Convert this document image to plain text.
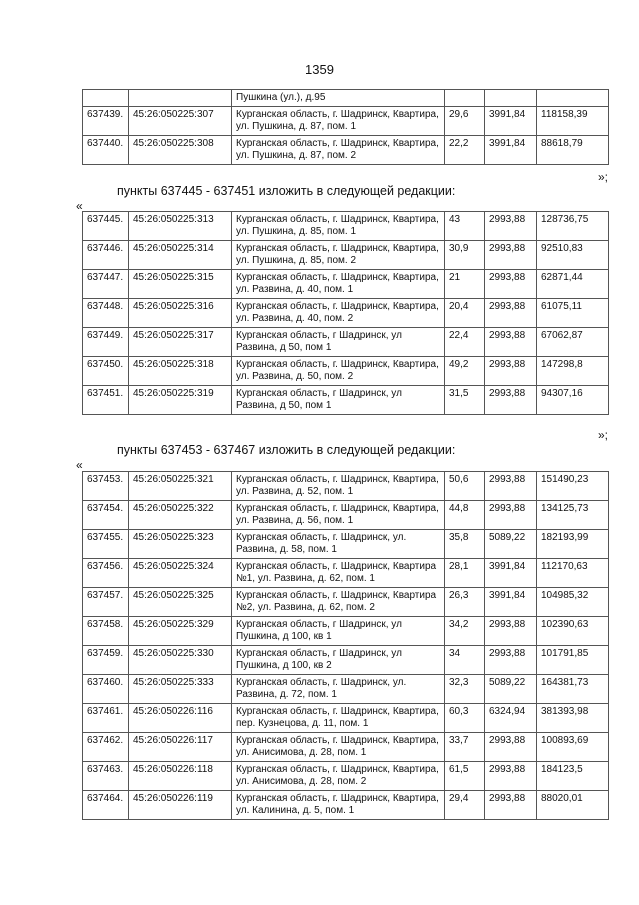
1359
		Пушкина (ул.), д.95			
637439.	45:26:050225:307	Курганская область, г. Шадринск, Квартира, ул. Пушкина, д. 87, пом. 1	29,6	3991,84	118158,39
637440.	45:26:050225:308	Курганская область, г. Шадринск, Квартира, ул. Пушкина, д. 87, пом. 2	22,2	3991,84	88618,79
»;
пункты 637445 - 637451 изложить в следующей редакции:
«
637445.	45:26:050225:313	Курганская область, г. Шадринск, Квартира, ул. Пушкина, д. 85, пом. 1	43	2993,88	128736,75
637446.	45:26:050225:314	Курганская область, г. Шадринск, Квартира, ул. Пушкина, д. 85, пом. 2	30,9	2993,88	92510,83
637447.	45:26:050225:315	Курганская область, г. Шадринск, Квартира, ул. Развина, д. 40, пом. 1	21	2993,88	62871,44
637448.	45:26:050225:316	Курганская область, г. Шадринск, Квартира, ул. Развина, д. 40, пом. 2	20,4	2993,88	61075,11
637449.	45:26:050225:317	Курганская область, г Шадринск, ул Развина, д 50, пом 1	22,4	2993,88	67062,87
637450.	45:26:050225:318	Курганская область, г. Шадринск, Квартира, ул. Развина, д. 50, пом. 2	49,2	2993,88	147298,8
637451.	45:26:050225:319	Курганская область, г Шадринск, ул Развина, д 50, пом 1	31,5	2993,88	94307,16
»;
пункты 637453 - 637467 изложить в следующей редакции:
«
637453.	45:26:050225:321	Курганская область, г. Шадринск, Квартира, ул. Развина, д. 52, пом. 1	50,6	2993,88	151490,23
637454.	45:26:050225:322	Курганская область, г. Шадринск, Квартира, ул. Развина, д. 56, пом. 1	44,8	2993,88	134125,73
637455.	45:26:050225:323	Курганская область, г. Шадринск, ул. Развина, д. 58, пом. 1	35,8	5089,22	182193,99
637456.	45:26:050225:324	Курганская область, г. Шадринск, Квартира №1, ул. Развина, д. 62, пом. 1	28,1	3991,84	112170,63
637457.	45:26:050225:325	Курганская область, г. Шадринск, Квартира №2, ул. Развина, д. 62, пом. 2	26,3	3991,84	104985,32
637458.	45:26:050225:329	Курганская область, г Шадринск, ул Пушкина, д 100, кв 1	34,2	2993,88	102390,63
637459.	45:26:050225:330	Курганская область, г Шадринск, ул Пушкина, д 100, кв 2	34	2993,88	101791,85
637460.	45:26:050225:333	Курганская область, г. Шадринск, ул. Развина, д. 72, пом. 1	32,3	5089,22	164381,73
637461.	45:26:050226:116	Курганская область, г. Шадринск, Квартира, пер. Кузнецова, д. 11, пом. 1	60,3	6324,94	381393,98
637462.	45:26:050226:117	Курганская область, г. Шадринск, Квартира, ул. Анисимова, д. 28, пом. 1	33,7	2993,88	100893,69
637463.	45:26:050226:118	Курганская область, г. Шадринск, Квартира, ул. Анисимова, д. 28, пом. 2	61,5	2993,88	184123,5
637464.	45:26:050226:119	Курганская область, г. Шадринск, Квартира, ул. Калинина, д. 5, пом. 1	29,4	2993,88	88020,01
